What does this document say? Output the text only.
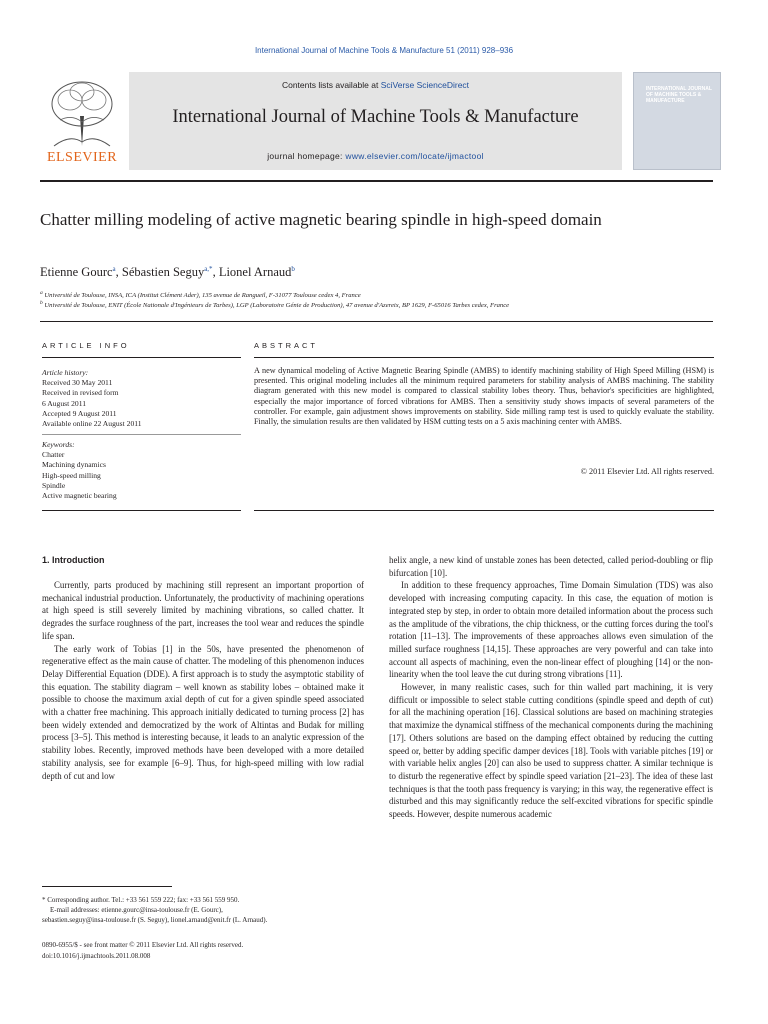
International Journal of Machine Tools & Manufacture 51 (2011) 928–936
ELSEVIER
Contents lists available at SciVerse ScienceDirect
International Journal of Machine Tools & Manufacture
journal homepage: www.elsevier.com/locate/ijmactool
INTERNATIONAL JOURNAL OF MACHINE TOOLS & MANUFACTURE
Chatter milling modeling of active magnetic bearing spindle in high-speed domain
Etienne Gourc$^a$, Sébastien Seguy$^{a,*}$, Lionel Arnaud$^b$
$^a$ Université de Toulouse, INSA, ICA (Institut Clément Ader), 135 avenue de Rangueil, F-31077 Toulouse cedex 4, France
$^b$ Université de Toulouse, ENIT (École Nationale d'Ingénieurs de Tarbes), LGP (Laboratoire Génie de Production), 47 avenue d'Azereix, BP 1629, F-65016 Tarbes cedex, France
ARTICLE INFO
Article history:
Received 30 May 2011
Received in revised form
6 August 2011
Accepted 9 August 2011
Available online 22 August 2011
Keywords:
Chatter
Machining dynamics
High-speed milling
Spindle
Active magnetic bearing
ABSTRACT
A new dynamical modeling of Active Magnetic Bearing Spindle (AMBS) to identify machining stability of High Speed Milling (HSM) is presented. This original modeling includes all the minimum required parameters for stability analysis of AMBS machining. The stability diagram generated with this new model is compared to classical stability lobes theory. Thus, behavior's specificities are highlighted, especially the major importance of forced vibrations for AMBS. Then a sensitivity study shows impacts of several parameters of the controller. For example, gain adjustment shows improvements on stability. Side milling ramp test is used to quickly evaluate the stability. Finally, the simulation results are then validated by HSM cutting tests on a 5 axis machining center with AMBS.
© 2011 Elsevier Ltd. All rights reserved.
1. Introduction

Currently, parts produced by machining still represent an important proportion of mechanical industrial production. Unfortunately, the productivity of machining operations at high speed is still severely limited by machining vibrations, so called chatter. It degrades the surface roughness of the part, increases the tool wear and reduces the spindle life span.

The early work of Tobias [1] in the 50s, have presented the phenomenon of regenerative effect as the main cause of chatter. The modeling of this phenomenon induces Delay Differential Equation (DDE). A first approach is to study the asymptotic stability of this equation. The stability diagram – well known as stability lobes – obtained make it possible to choose the maximum axial depth of cut for a given spindle speed associated with a chatter free machining. This approach initially dedicated to turning process [2] has been widely extended and democratized by the work of Altintas and Budak for milling process [3–5]. This method is interesting because, it leads to an analytic expression of the stability lobes. Recently, improved methods have been developed with a more detailed stability analysis, see for example [6–9]. Thus, for high-speed milling with low radial depth of cut and low

helix angle, a new kind of unstable zones has been detected, called period-doubling or flip bifurcation [10].

In addition to these frequency approaches, Time Domain Simulation (TDS) was also developed with increasing computing capacity. In this case, the equation of motion is integrated step by step, in order to obtain more detailed information about the process such as the amplitude of the vibrations, the chip thickness, or the cutting forces during the tool's rotation [11–13]. The improvements of these approaches allows even simulation of the milled surface roughness [14,15]. These approaches are very powerful and can take into account all aspects of machining, even the non-linear effect of ploughing [14] or the non-linearity when the tool leave the cut during strong vibrations [11].

However, in many realistic cases, such for thin walled part machining, it is very difficult or impossible to select stable cutting conditions (spindle speed and depth of cut) for all the machining operation [16]. Classical solutions are based on machining strategies that maximize the dynamical stiffness of the mechanical components during the machining [17]. Others solutions are based on the damping effect obtained by reducing the cutting speed or, better by adding specific damper devices [18]. Tools with variable pitches [19] or with variable helix angles [20] can also be used to suppress chatter. A similar technique is to disturb the regenerative effect by spindle speed variation [21–23]. The idea of these last techniques is that the tooth pass frequency is varying; in this way, the regenerative effect is disturbed and this may significantly reduce the self-excited vibrations for specific spindle speeds. However, despite numerous academic

* Corresponding author. Tel.: +33 561 559 222; fax: +33 561 559 950.
E-mail addresses: etienne.gourc@insa-toulouse.fr (E. Gourc),
sebastien.seguy@insa-toulouse.fr (S. Seguy), lionel.arnaud@enit.fr (L. Arnaud).
0890-6955/$ - see front matter © 2011 Elsevier Ltd. All rights reserved.
doi:10.1016/j.ijmachtools.2011.08.008
